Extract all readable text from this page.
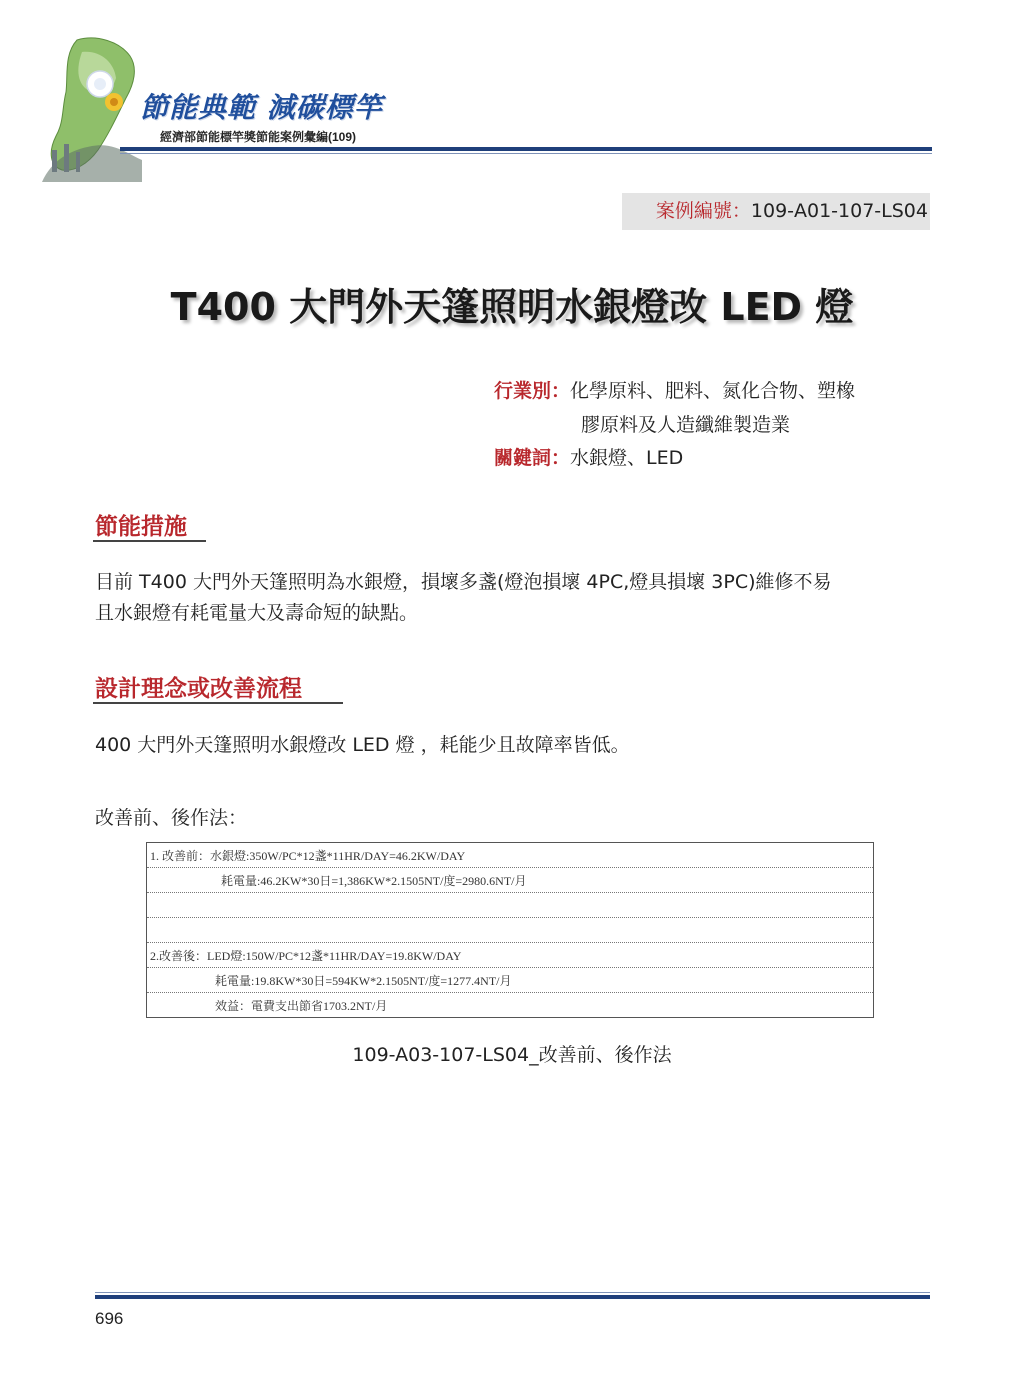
節能典範 減碳標竿
經濟部節能標竿獎節能案例彙編(109)
案例編號：109-A01-107-LS04
T400 大門外天篷照明水銀燈改 LED 燈
行業別：化學原料、肥料、氮化合物、塑橡
膠原料及人造纖維製造業
關鍵詞：水銀燈、LED
節能措施
目前 T400 大門外天篷照明為水銀燈，損壞多盞(燈泡損壞 4PC,燈具損壞 3PC)維修不易
且水銀燈有耗電量大及壽命短的缺點。
設計理念或改善流程
400 大門外天篷照明水銀燈改 LED 燈 ，耗能少且故障率皆低。
改善前、後作法：
1. 改善前：水銀燈:350W/PC*12盞*11HR/DAY=46.2KW/DAY
耗電量:46.2KW*30日=1,386KW*2.1505NT/度=2980.6NT/月

2.改善後：LED燈:150W/PC*12盞*11HR/DAY=19.8KW/DAY
耗電量:19.8KW*30日=594KW*2.1505NT/度=1277.4NT/月
效益：電費支出節省1703.2NT/月
109-A03-107-LS04_改善前、後作法
696
